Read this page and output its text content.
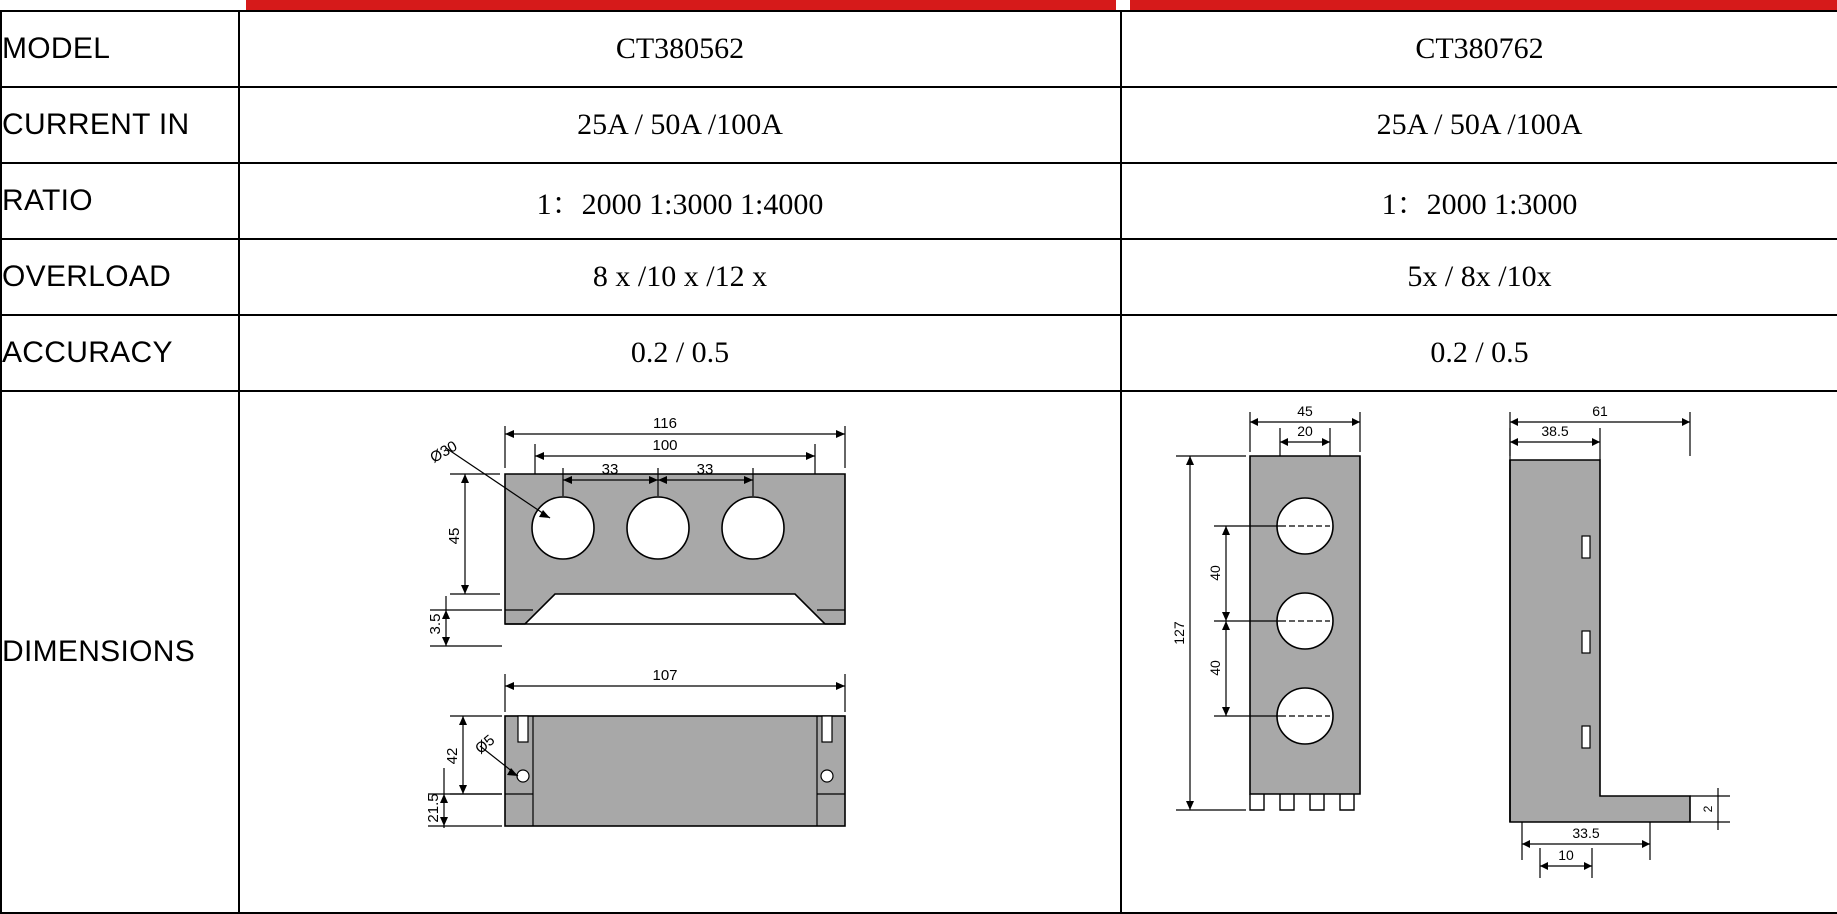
MODEL	CT380562	CT380762
CURRENT IN	25A / 50A /100A	25A / 50A /100A
RATIO	1：2000 1:3000 1:4000	1：2000 1:3000
OVERLOAD	8 x /10 x /12 x	5x / 8x /10x
ACCURACY	0.2 / 0.5	0.2 / 0.5
DIMENSIONS	
116
100
33	33
Ø30
45
3.5
107
Ø5
42
21.5

45
20
127
40
40
61
38.5
33.5
10
2
